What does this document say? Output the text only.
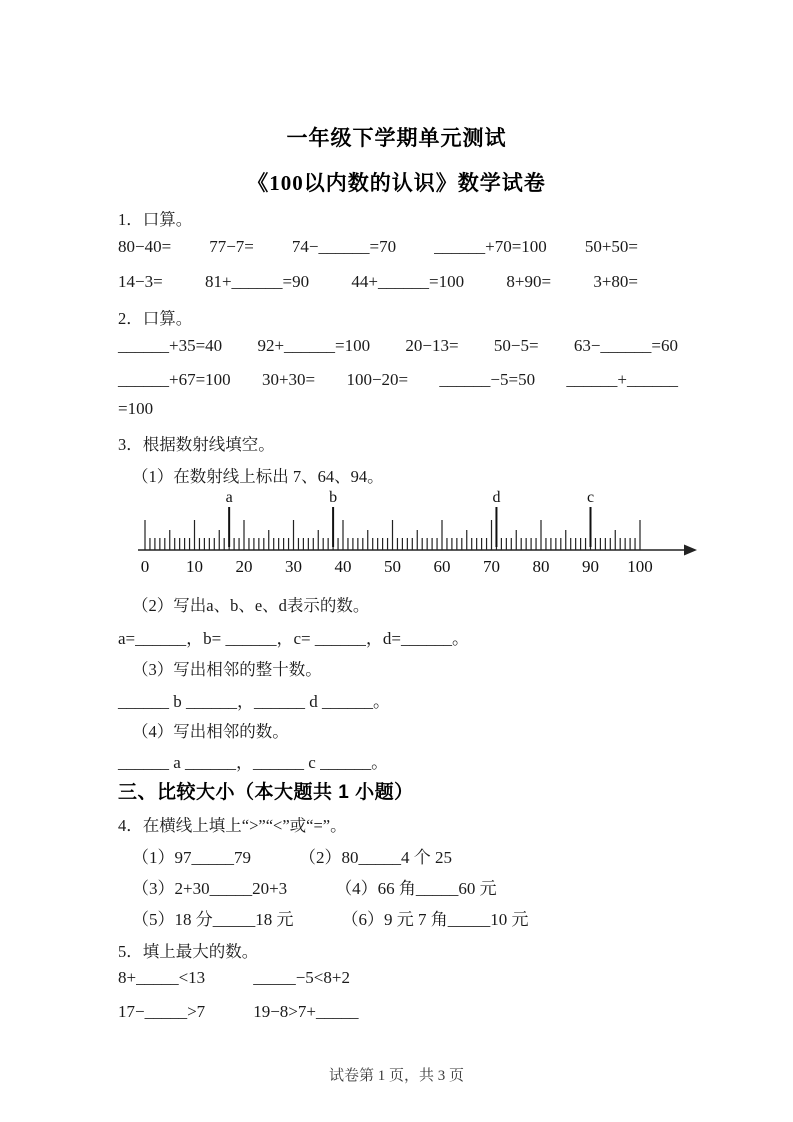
一年级下学期单元测试
《100以内数的认识》数学试卷
1．口算。
80−40= 77−7= 74−______=70 ______+70=100 50+50=
14−3= 81+______=90 44+______=100 8+90= 3+80=
2．口算。
______+35=40 92+______=100 20−13= 50−5= 63−______=60
______+67=100 30+30= 100−20= ______−5=50 ______+______
=100
3．根据数射线填空。
（1）在数射线上标出 7、64、94。
0 10 20 30 40 50 60 70 80 90 100
a	b	d	c
（2）写出a、b、e、d表示的数。
a=______，b= ______，c= ______，d=______。
（3）写出相邻的整十数。
______ b ______，______ d ______。
（4）写出相邻的数。
______ a ______，______ c ______。
三、比较大小（本大题共 1 小题）
4．在横线上填上“>”“<”或“=”。
（1）97_____79	（2）80_____4 个 25
（3）2+30_____20+3	（4）66 角_____60 元
（5）18 分_____18 元	（6）9 元 7 角_____10 元
5．填上最大的数。
8+_____<13	_____−5<8+2
17−_____>7	19−8>7+_____
试卷第 1 页，共 3 页
